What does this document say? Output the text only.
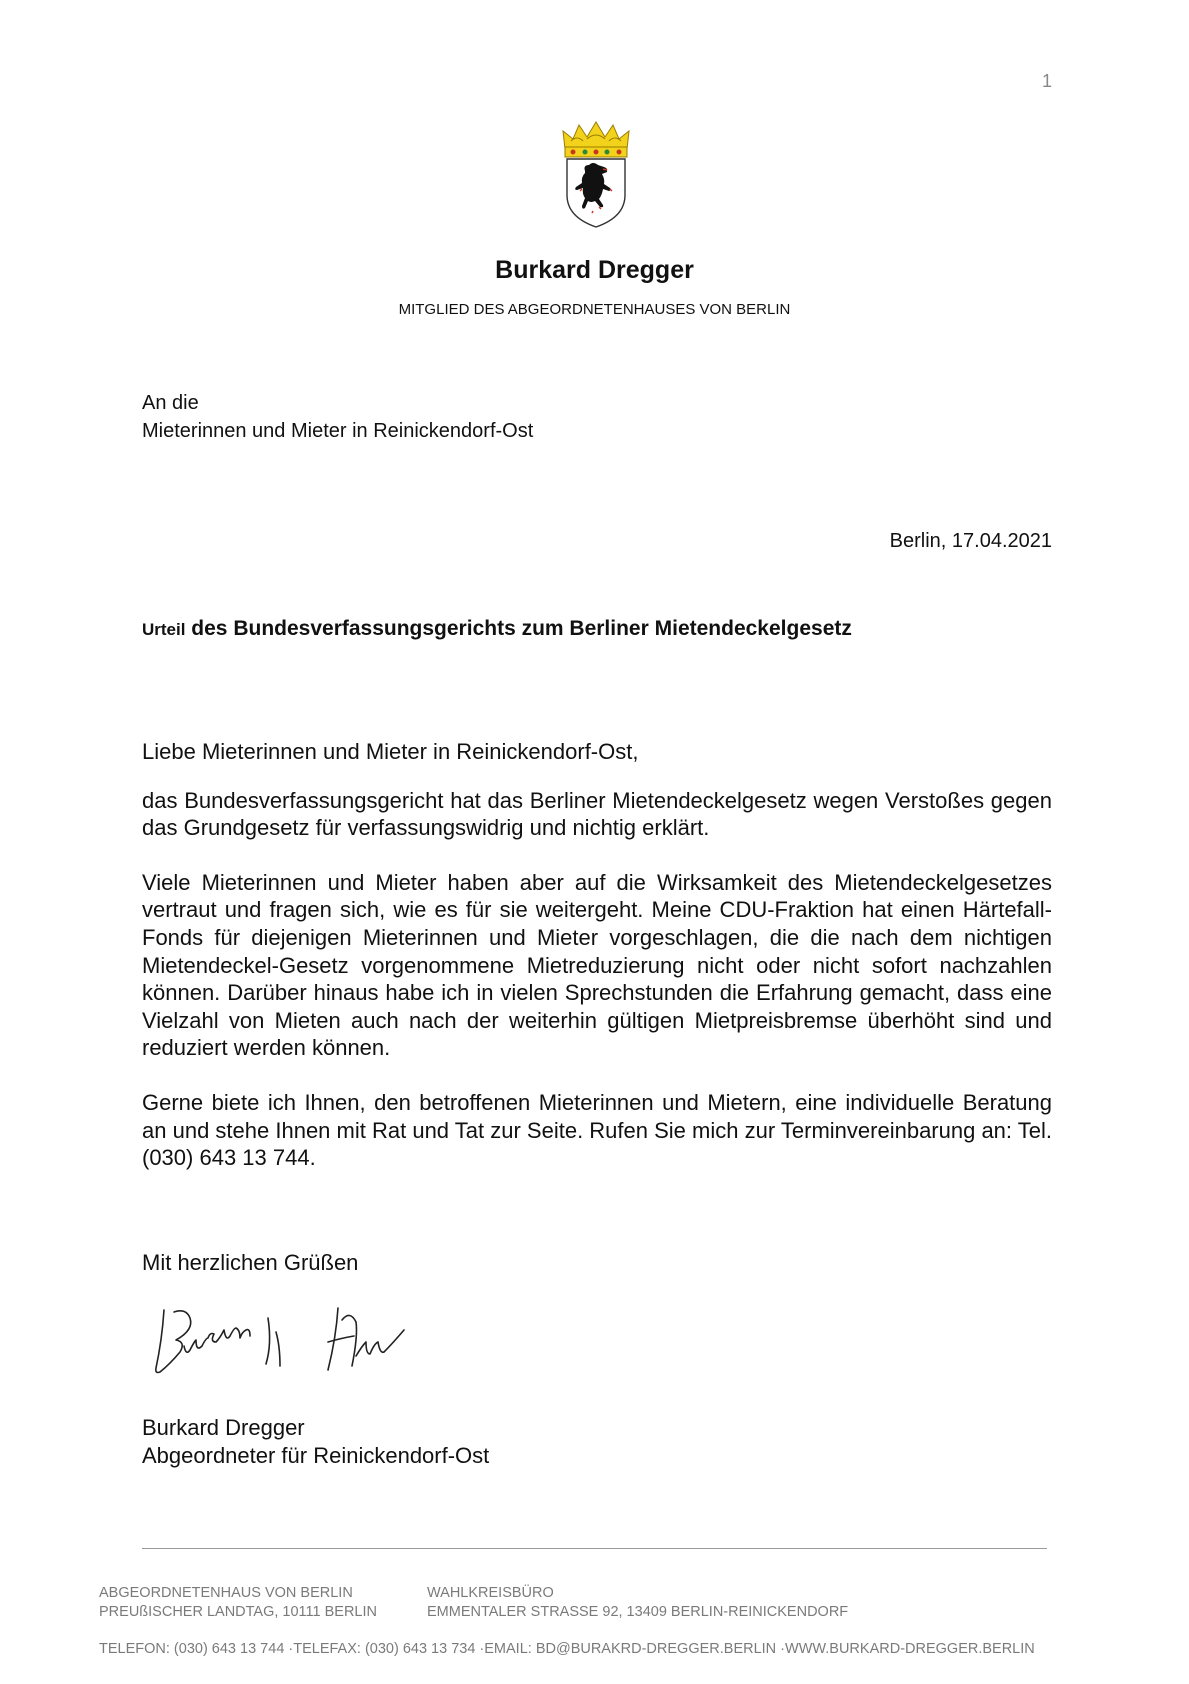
1
Burkard Dregger
MITGLIED DES ABGEORDNETENHAUSES VON BERLIN
An die
Mieterinnen und Mieter in Reinickendorf-Ost
Berlin, 17.04.2021
Urteil des Bundesverfassungsgerichts zum Berliner Mietendeckelgesetz

Liebe Mieterinnen und Mieter in Reinickendorf-Ost,

das Bundesverfassungsgericht hat das Berliner Mietendeckelgesetz wegen Verstoßes gegen das Grundgesetz für verfassungswidrig und nichtig erklärt.

Viele Mieterinnen und Mieter haben aber auf die Wirksamkeit des Mietendeckelgesetzes vertraut und fragen sich, wie es für sie weitergeht. Meine CDU-Fraktion hat einen Härtefall-Fonds für diejenigen Mieterinnen und Mieter vorgeschlagen, die die nach dem nichtigen Mietendeckel-Gesetz vorgenommene Mietreduzierung nicht oder nicht sofort nachzahlen können. Darüber hinaus habe ich in vielen Sprechstunden die Erfahrung gemacht, dass eine Vielzahl von Mieten auch nach der weiterhin gültigen Mietpreisbremse überhöht sind und reduziert werden können.

Gerne biete ich Ihnen, den betroffenen Mieterinnen und Mietern, eine individuelle Beratung an und stehe Ihnen mit Rat und Tat zur Seite. Rufen Sie mich zur Terminvereinbarung an: Tel. (030) 643 13 744.

Mit herzlichen Grüßen
Burkard Dregger
Abgeordneter für Reinickendorf-Ost
ABGEORDNETENHAUS VON BERLIN
PREUßISCHER LANDTAG, 10111 BERLIN
WAHLKREISBÜRO
EMMENTALER STRASSE 92, 13409 BERLIN-REINICKENDORF
TELEFON: (030) 643 13 744 ·TELEFAX: (030) 643 13 734 ·EMAIL: BD@BURAKRD-DREGGER.BERLIN ·WWW.BURKARD-DREGGER.BERLIN
